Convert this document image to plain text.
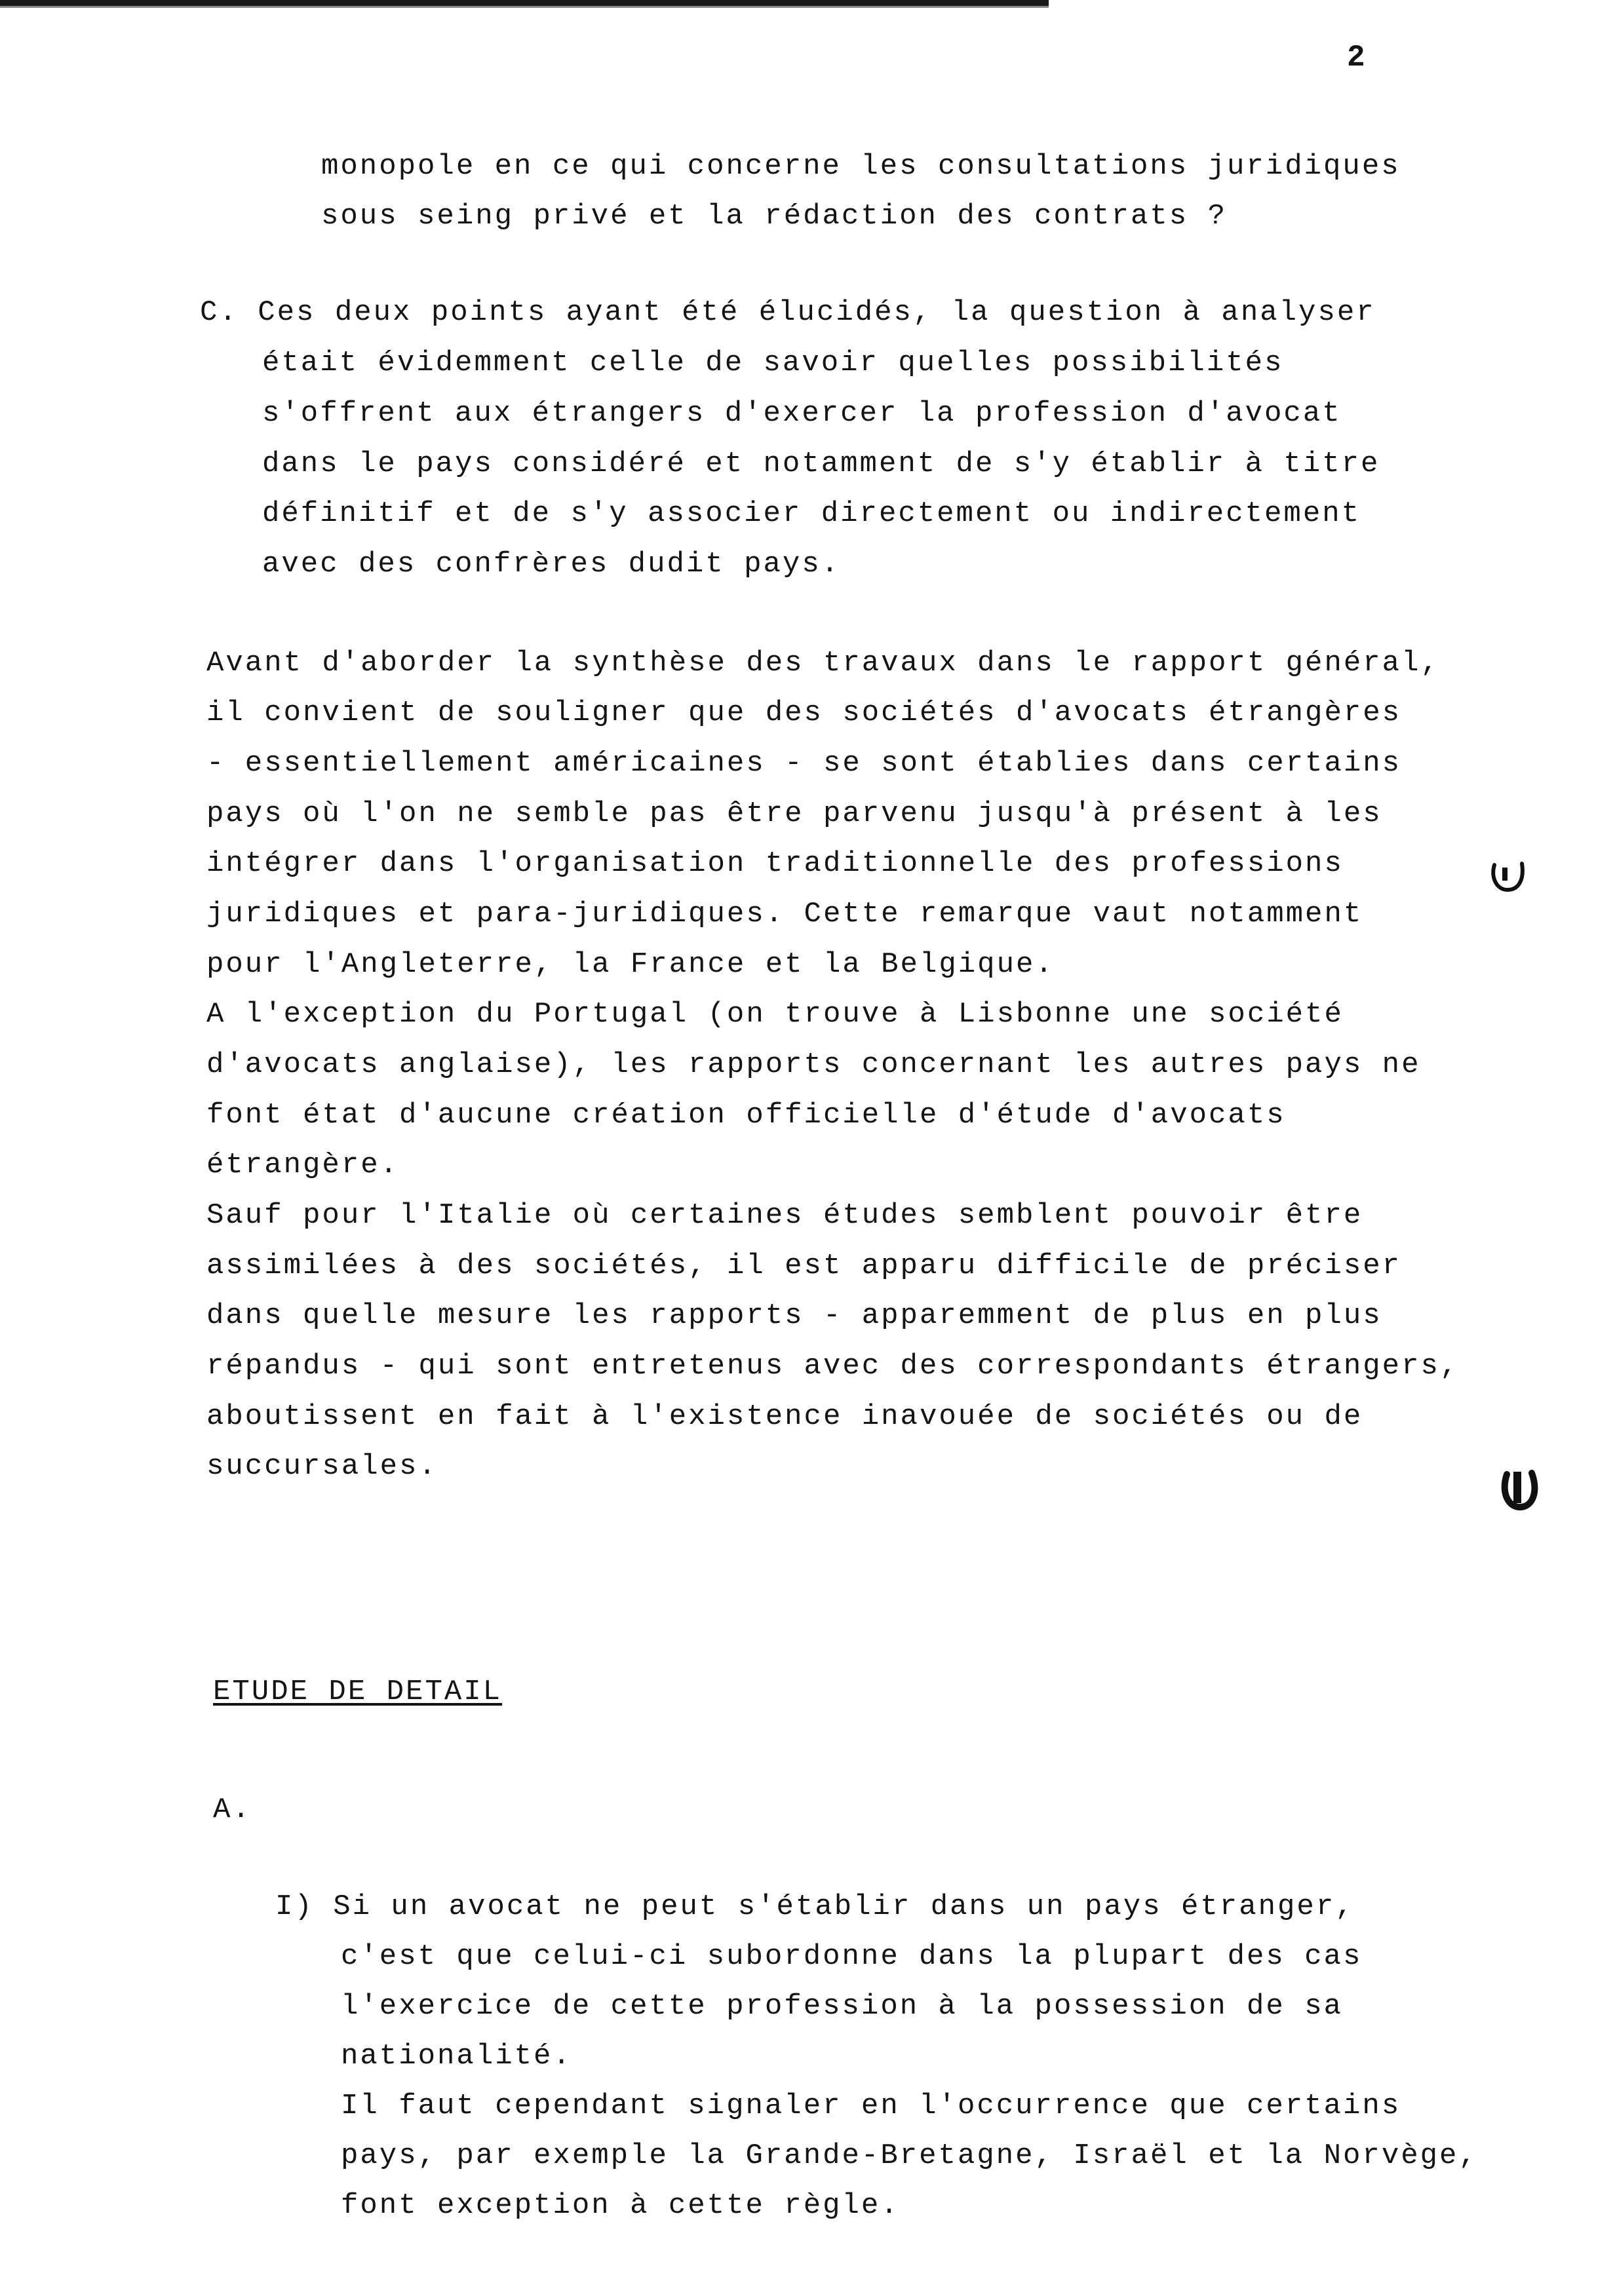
2
monopole en ce qui concerne les consultations juridiques
sous seing privé et la rédaction des contrats ?
C. Ces deux points ayant été élucidés, la question à analyser
était évidemment celle de savoir quelles possibilités
s'offrent aux étrangers d'exercer la profession d'avocat
dans le pays considéré et notamment de s'y établir à titre
définitif et de s'y associer directement ou indirectement
avec des confrères dudit pays.
Avant d'aborder la synthèse des travaux dans le rapport général,
il convient de souligner que des sociétés d'avocats étrangères
- essentiellement américaines - se sont établies dans certains
pays où l'on ne semble pas être parvenu jusqu'à présent à les
intégrer dans l'organisation traditionnelle des professions
juridiques et para-juridiques. Cette remarque vaut notamment
pour l'Angleterre, la France et la Belgique.
A l'exception du Portugal (on trouve à Lisbonne une société
d'avocats anglaise), les rapports concernant les autres pays ne
font état d'aucune création officielle d'étude d'avocats
étrangère.
Sauf pour l'Italie où certaines études semblent pouvoir être
assimilées à des sociétés, il est apparu difficile de préciser
dans quelle mesure les rapports - apparemment de plus en plus
répandus - qui sont entretenus avec des correspondants étrangers,
aboutissent en fait à l'existence inavouée de sociétés ou de
succursales.
ETUDE DE DETAIL
A.
I) Si un avocat ne peut s'établir dans un pays étranger,
c'est que celui-ci subordonne dans la plupart des cas
l'exercice de cette profession à la possession de sa
nationalité.
Il faut cependant signaler en l'occurrence que certains
pays, par exemple la Grande-Bretagne, Israël et la Norvège,
font exception à cette règle.
